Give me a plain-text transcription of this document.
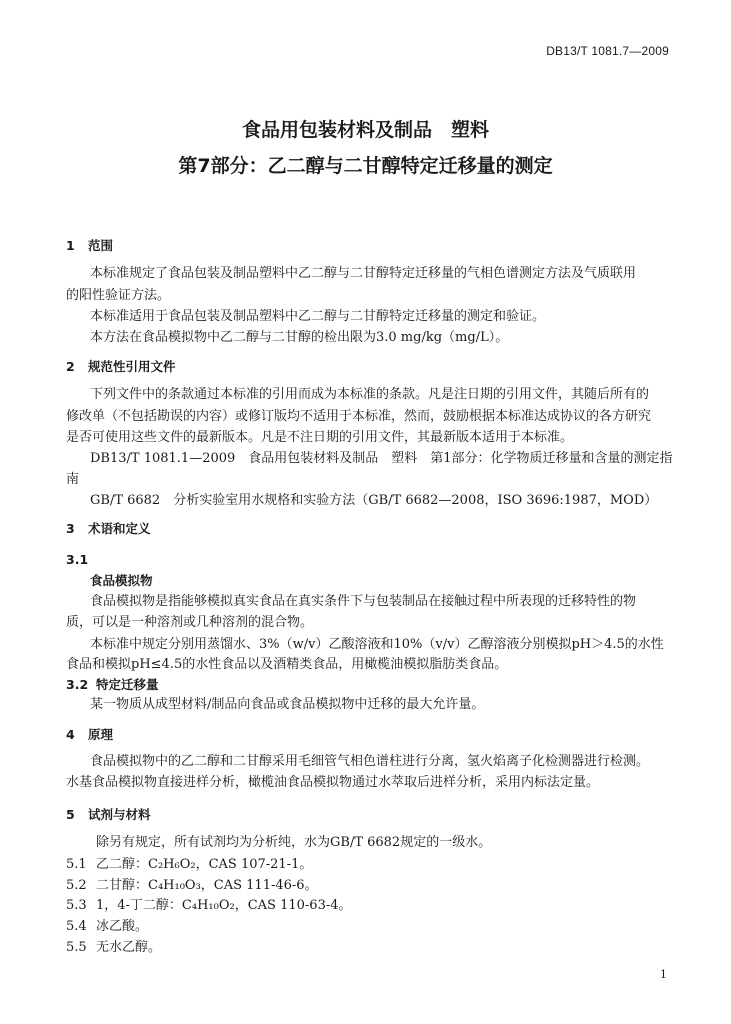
DB13/T 1081.7—2009
食品用包装材料及制品　塑料
第7部分：乙二醇与二甘醇特定迁移量的测定
1 范围
本标准规定了食品包装及制品塑料中乙二醇与二甘醇特定迁移量的气相色谱测定方法及气质联用
的阳性验证方法。
本标准适用于食品包装及制品塑料中乙二醇与二甘醇特定迁移量的测定和验证。
本方法在食品模拟物中乙二醇与二甘醇的检出限为3.0 mg/kg（mg/L）。
2 规范性引用文件
下列文件中的条款通过本标准的引用而成为本标准的条款。凡是注日期的引用文件，其随后所有的
修改单（不包括勘误的内容）或修订版均不适用于本标准，然而，鼓励根据本标准达成协议的各方研究
是否可使用这些文件的最新版本。凡是不注日期的引用文件，其最新版本适用于本标准。
DB13/T 1081.1—2009　食品用包装材料及制品　塑料　第1部分：化学物质迁移量和含量的测定指
南
GB/T 6682　分析实验室用水规格和实验方法（GB/T 6682—2008，ISO 3696:1987，MOD）
3 术语和定义
3.1
食品模拟物
食品模拟物是指能够模拟真实食品在真实条件下与包装制品在接触过程中所表现的迁移特性的物
质，可以是一种溶剂或几种溶剂的混合物。
本标准中规定分别用蒸馏水、3%（w/v）乙酸溶液和10%（v/v）乙醇溶液分别模拟pH＞4.5的水性
食品和模拟pH≤4.5的水性食品以及酒精类食品，用橄榄油模拟脂肪类食品。
3.2 特定迁移量
某一物质从成型材料/制品向食品或食品模拟物中迁移的最大允许量。
4 原理
食品模拟物中的乙二醇和二甘醇采用毛细管气相色谱柱进行分离，氢火焰离子化检测器进行检测。
水基食品模拟物直接进样分析，橄榄油食品模拟物通过水萃取后进样分析，采用内标法定量。
5 试剂与材料
除另有规定，所有试剂均为分析纯，水为GB/T 6682规定的一级水。
5.1 乙二醇：C₂H₆O₂，CAS 107-21-1。
5.2 二甘醇：C₄H₁₀O₃，CAS 111-46-6。
5.3 1，4-丁二醇：C₄H₁₀O₂，CAS 110-63-4。
5.4 冰乙酸。
5.5 无水乙醇。
1
